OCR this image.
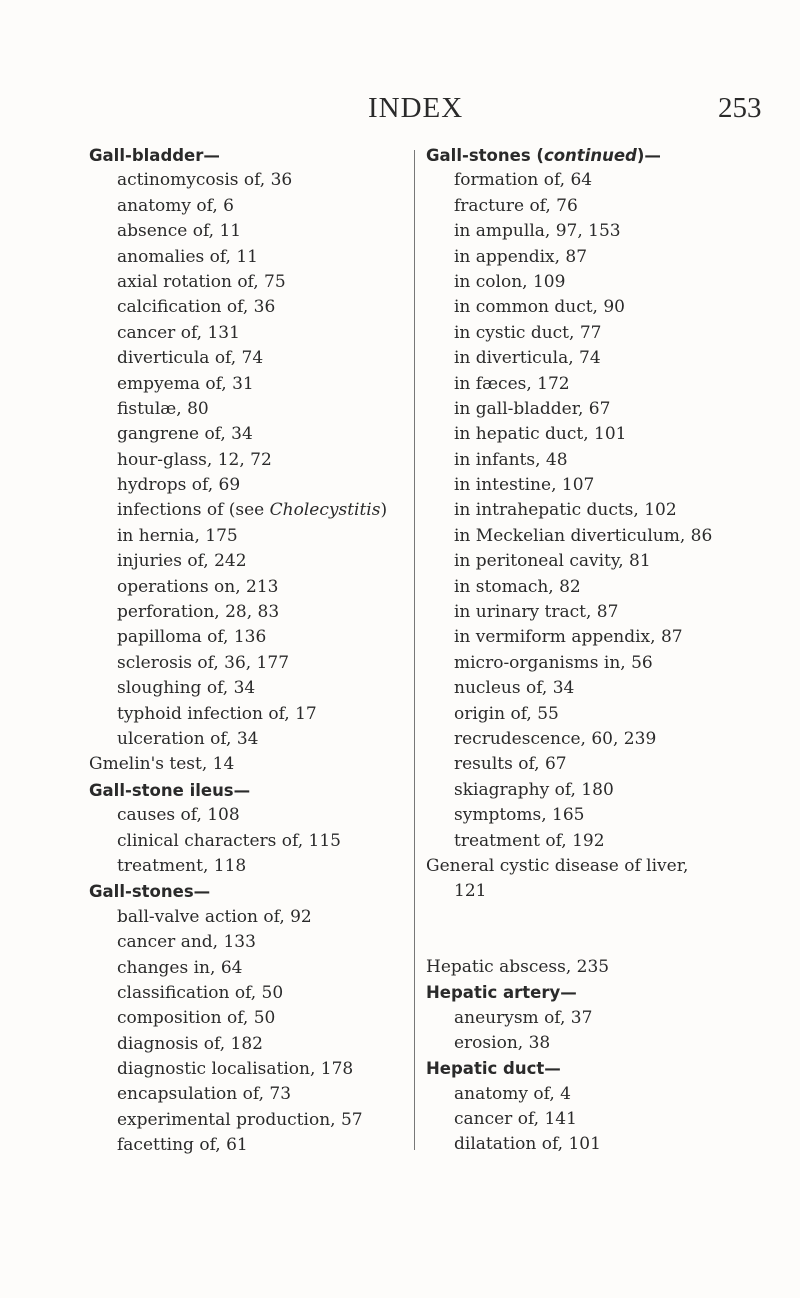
INDEX	253
Gall-bladder—
actinomycosis of, 36
anatomy of, 6
absence of, 11
anomalies of, 11
axial rotation of, 75
calcification of, 36
cancer of, 131
diverticula of, 74
empyema of, 31
fistulæ, 80
gangrene of, 34
hour-glass, 12, 72
hydrops of, 69
infections of (see Cholecystitis)
in hernia, 175
injuries of, 242
operations on, 213
perforation, 28, 83
papilloma of, 136
sclerosis of, 36, 177
sloughing of, 34
typhoid infection of, 17
ulceration of, 34
Gmelin's test, 14
Gall-stone ileus—
causes of, 108
clinical characters of, 115
treatment, 118
Gall-stones—
ball-valve action of, 92
cancer and, 133
changes in, 64
classification of, 50
composition of, 50
diagnosis of, 182
diagnostic localisation, 178
encapsulation of, 73
experimental production, 57
facetting of, 61
Gall-stones (continued)—
formation of, 64
fracture of, 76
in ampulla, 97, 153
in appendix, 87
in colon, 109
in common duct, 90
in cystic duct, 77
in diverticula, 74
in fæces, 172
in gall-bladder, 67
in hepatic duct, 101
in infants, 48
in intestine, 107
in intrahepatic ducts, 102
in Meckelian diverticulum, 86
in peritoneal cavity, 81
in stomach, 82
in urinary tract, 87
in vermiform appendix, 87
micro-organisms in, 56
nucleus of, 34
origin of, 55
recrudescence, 60, 239
results of, 67
skiagraphy of, 180
symptoms, 165
treatment of, 192
General cystic disease of liver,
121
Hepatic abscess, 235
Hepatic artery—
aneurysm of, 37
erosion, 38
Hepatic duct—
anatomy of, 4
cancer of, 141
dilatation of, 101
